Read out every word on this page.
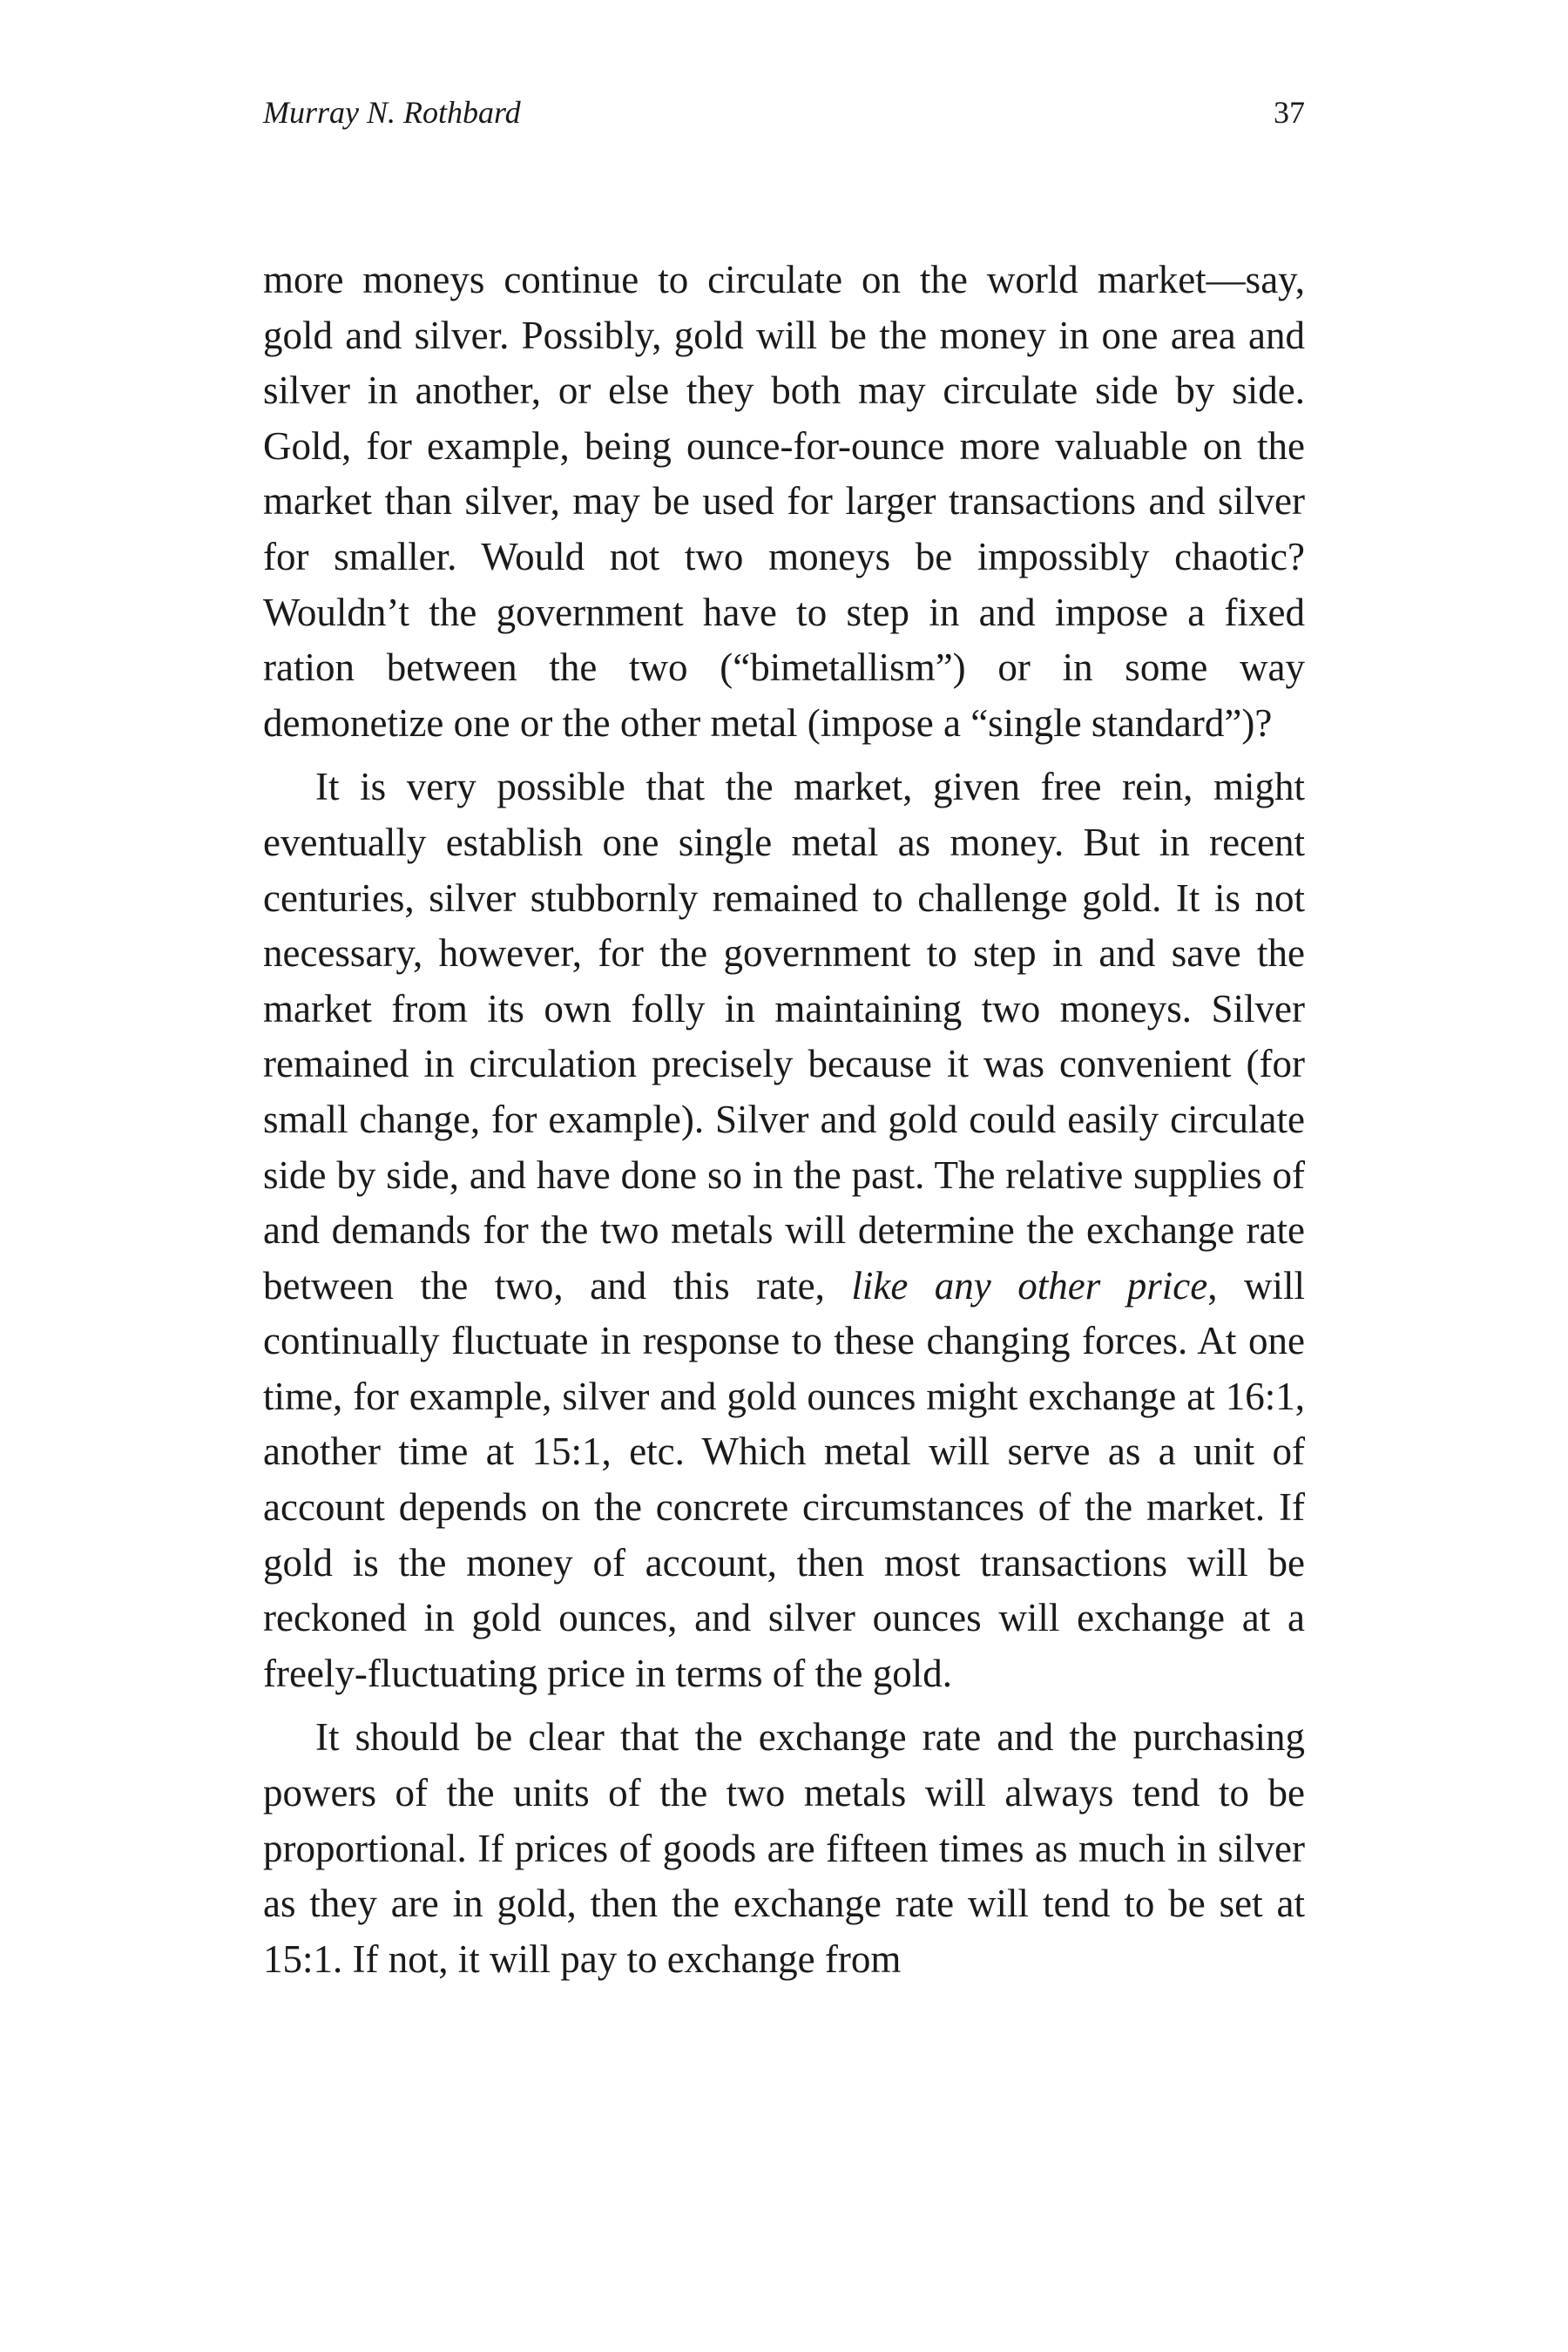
Murray N. Rothbard	37

more moneys continue to circulate on the world market—say, gold and silver. Possibly, gold will be the money in one area and silver in another, or else they both may circulate side by side. Gold, for example, being ounce-for-ounce more valuable on the market than silver, may be used for larger transactions and silver for smaller. Would not two moneys be impossibly chaotic? Wouldn’t the government have to step in and impose a fixed ration between the two (“bimetallism”) or in some way demonetize one or the other metal (impose a “single standard”)?

It is very possible that the market, given free rein, might eventually establish one single metal as money. But in recent centuries, silver stubbornly remained to challenge gold. It is not necessary, however, for the government to step in and save the market from its own folly in maintaining two moneys. Silver remained in circulation precisely because it was convenient (for small change, for example). Silver and gold could easily circulate side by side, and have done so in the past. The relative supplies of and demands for the two metals will determine the exchange rate between the two, and this rate, like any other price, will continually fluctuate in response to these changing forces. At one time, for example, silver and gold ounces might exchange at 16:1, another time at 15:1, etc. Which metal will serve as a unit of account depends on the concrete circumstances of the market. If gold is the money of account, then most transactions will be reckoned in gold ounces, and silver ounces will exchange at a freely-fluctuating price in terms of the gold.

It should be clear that the exchange rate and the purchasing powers of the units of the two metals will always tend to be proportional. If prices of goods are fifteen times as much in silver as they are in gold, then the exchange rate will tend to be set at 15:1. If not, it will pay to exchange from
